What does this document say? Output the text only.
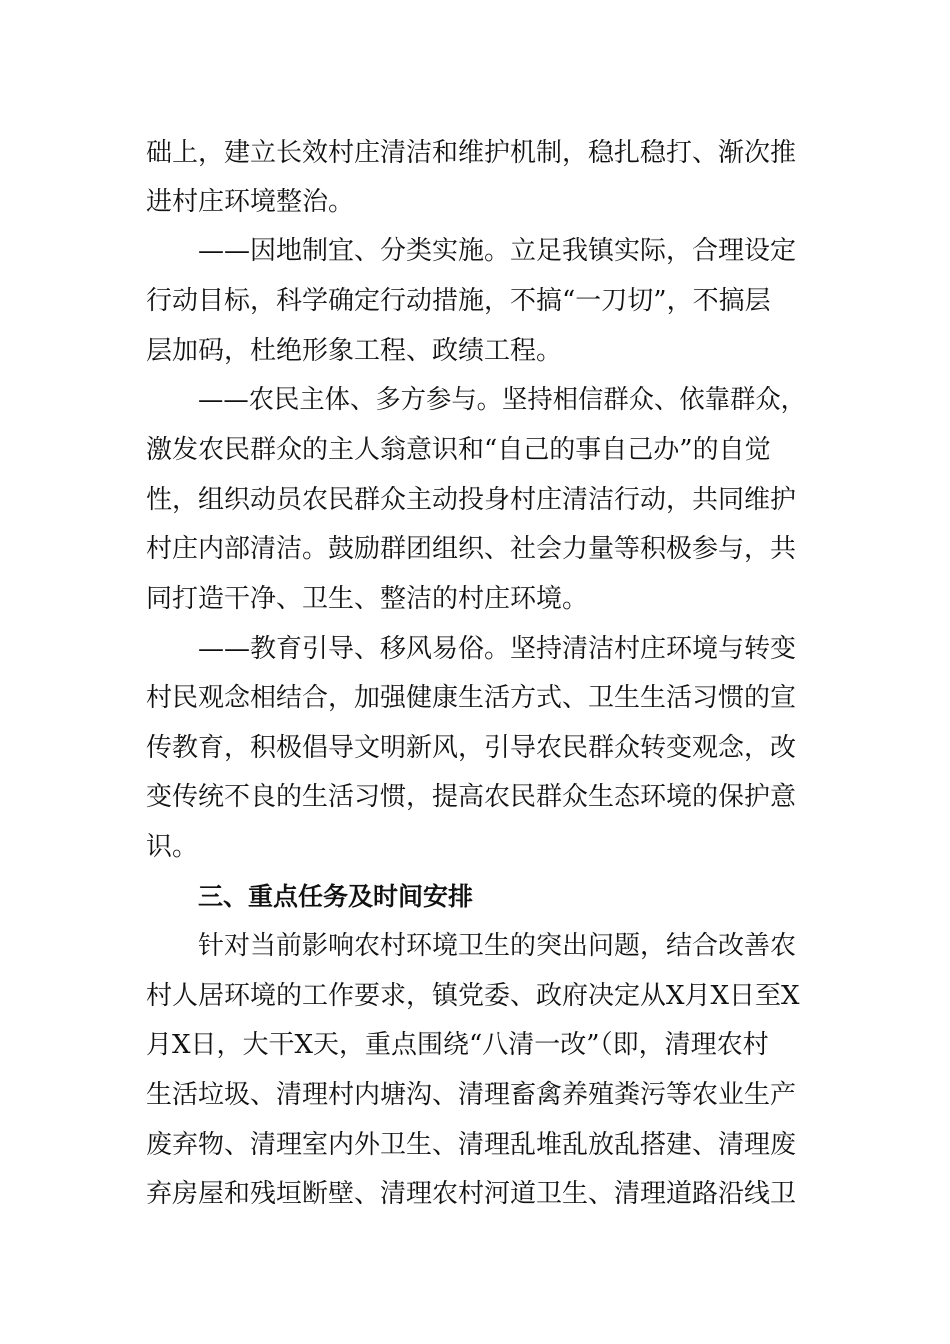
础上，建立长效村庄清洁和维护机制，稳扎稳打、渐次推
进村庄环境整治。
——因地制宜、分类实施。立足我镇实际，合理设定
行动目标，科学确定行动措施，不搞“一刀切”，不搞层
层加码，杜绝形象工程、政绩工程。
——农民主体、多方参与。坚持相信群众、依靠群众，
激发农民群众的主人翁意识和“自己的事自己办”的自觉
性，组织动员农民群众主动投身村庄清洁行动，共同维护
村庄内部清洁。鼓励群团组织、社会力量等积极参与，共
同打造干净、卫生、整洁的村庄环境。
——教育引导、移风易俗。坚持清洁村庄环境与转变
村民观念相结合，加强健康生活方式、卫生生活习惯的宣
传教育，积极倡导文明新风，引导农民群众转变观念，改
变传统不良的生活习惯，提高农民群众生态环境的保护意
识。
三、重点任务及时间安排
针对当前影响农村环境卫生的突出问题，结合改善农
村人居环境的工作要求，镇党委、政府决定从X月X日至X
月X日，大干X天，重点围绕“八清一改”（即，清理农村
生活垃圾、清理村内塘沟、清理畜禽养殖粪污等农业生产
废弃物、清理室内外卫生、清理乱堆乱放乱搭建、清理废
弃房屋和残垣断壁、清理农村河道卫生、清理道路沿线卫
